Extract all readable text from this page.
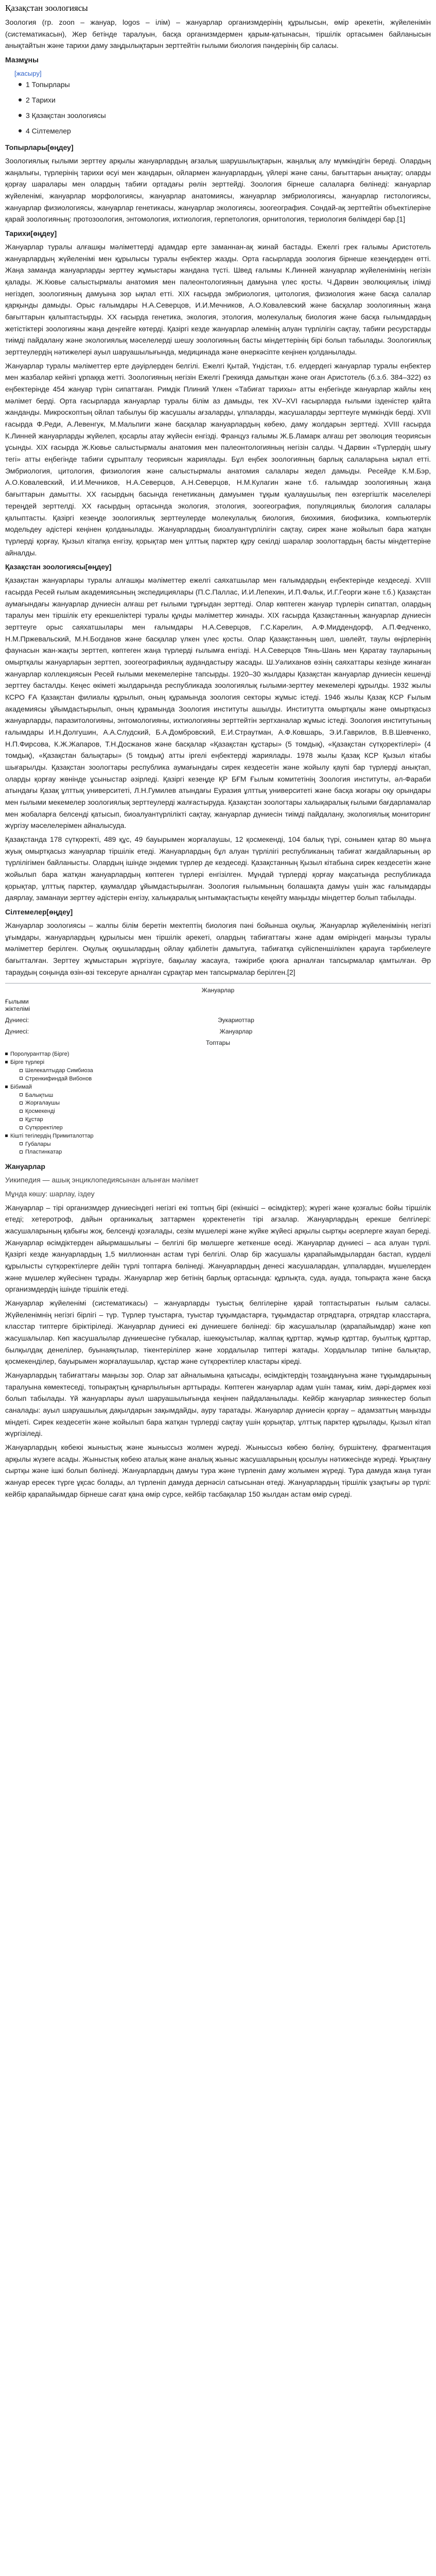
Қазақстан зоологиясы

Зоология (гр. zoon – жануар, logos – ілім) – жануарлар организмдерінің құрылысын, өмір әрекетін, жүйеленімін (систематикасын), Жер бетінде таралуын, басқа организмдермен қарым-қатынасын, тіршілік ортасымен байланысын анықтайтын және тарихи даму заңдылықтарын зерттейтін ғылыми биология пәндерінің бір саласы.

Мазмұны
[жасыру]
1 Топырлары
2 Тарихи
3 Қазақстан зоологиясы
4 Сілтемелер
Топырлары[өңдеу]

Зоологиялық ғылыми зерттеу арқылы жануарлардың ағзалық шарушылықтарын, жаңалық алу мүмкіндігін береді. Олардың жаңалығы, түрлерінің тарихи өсуі мен жандарын, ойлармен жануарлардың, үйлері және саны, бағыттарын анықтау; оларды қорғау шаралары мен олардың табиғи ортадағы рөлін зерттейді. Зоология бірнеше салаларға бөлінеді: жануарлар жүйеленімі, жануарлар морфологиясы, жануарлар анатомиясы, жануарлар эмбриологиясы, жануарлар гистологиясы, жануарлар физиологиясы, жануарлар генетикасы, жануарлар экологиясы, зоогеография. Сондай-ақ зерттейтін объектілеріне қарай зоологияның: протозоология, энтомология, ихтиология, герпетология, орнитология, териология бөлімдері бар.[1]

Тарихи[өңдеу]

Жануарлар туралы алғашқы мәліметтерді адамдар ерте заманнан-ақ жинай бастады. Ежелгі грек ғалымы Аристотель жануарлардың жүйеленімі мен құрылысы туралы еңбектер жазды. Орта ғасырларда зоология бірнеше кезеңдерден өтті. Жаңа заманда жануарларды зерттеу жұмыстары жандана түсті. Швед ғалымы К.Линней жануарлар жүйеленімінің негізін қалады. Ж.Кювье салыстырмалы анатомия мен палеонтологияның дамуына үлес қосты. Ч.Дарвин эволюциялық ілімді негіздеп, зоологияның дамуына зор ықпал етті. XIX ғасырда эмбриология, цитология, физиология және басқа салалар қарқынды дамыды. Орыс ғалымдары Н.А.Северцов, И.И.Мечников, А.О.Ковалевский және басқалар зоологияның жаңа бағыттарын қалыптастырды. XX ғасырда генетика, экология, этология, молекулалық биология және басқа ғылымдардың жетістіктері зоологияны жаңа деңгейге көтерді. Қазіргі кезде жануарлар әлемінің алуан түрлілігін сақтау, табиғи ресурстарды тиімді пайдалану және экологиялық мәселелерді шешу зоологияның басты міндеттерінің бірі болып табылады. Зоологиялық зерттеулердің нәтижелері ауыл шаруашылығында, медицинада және өнеркәсіпте кеңінен қолданылады.

Жануарлар туралы мәліметтер ерте дәуірлерден белгілі. Ежелгі Қытай, Үндістан, т.б. елдердегі жануарлар туралы еңбектер мен жазбалар кейінгі ұрпаққа жетті. Зоологияның негізін Ежелгі Грекияда дамытқан және оған Аристотель (б.з.б. 384–322) өз еңбектерінде 454 жануар түрін сипаттаған. Римдік Плиний Үлкен «Табиғат тарихы» атты еңбегінде жануарлар жайлы кең мәлімет берді. Орта ғасырларда жануарлар туралы білім аз дамыды, тек XV–XVI ғасырларда ғылыми ізденістер қайта жанданды. Микроскоптың ойлап табылуы бір жасушалы ағзаларды, ұлпаларды, жасушаларды зерттеуге мүмкіндік берді. XVII ғасырда Ф.Реди, А.Левенгук, М.Мальпиги және басқалар жануарлардың көбею, даму жолдарын зерттеді. XVIII ғасырда К.Линней жануарларды жүйелеп, қосарлы атау жүйесін енгізді. Француз ғалымы Ж.Б.Ламарк алғаш рет эволюция теориясын ұсынды. XIX ғасырда Ж.Кювье салыстырмалы анатомия мен палеонтологияның негізін салды. Ч.Дарвин «Түрлердің шығу тегі» атты еңбегінде табиғи сұрыпталу теориясын жариялады. Бұл еңбек зоологияның барлық салаларына ықпал етті. Эмбриология, цитология, физиология және салыстырмалы анатомия салалары жедел дамыды. Ресейде К.М.Бэр, А.О.Ковалевский, И.И.Мечников, Н.А.Северцов, А.Н.Северцов, Н.М.Кулагин және т.б. ғалымдар зоологияның жаңа бағыттарын дамытты. XX ғасырдың басында генетиканың дамуымен тұқым қуалаушылық пен өзгергіштік мәселелері тереңдей зерттелді. XX ғасырдың ортасында экология, этология, зоогеография, популяциялық биология салалары қалыптасты. Қазіргі кезеңде зоологиялық зерттеулерде молекулалық биология, биохимия, биофизика, компьютерлік модельдеу әдістері кеңінен қолданылады. Жануарлардың биоалуантүрлілігін сақтау, сирек және жойылып бара жатқан түрлерді қорғау, Қызыл кітапқа енгізу, қорықтар мен ұлттық парктер құру секілді шаралар зоологтардың басты міндеттеріне айналды.

Қазақстан зоологиясы[өңдеу]

Қазақстан жануарлары туралы алғашқы мәліметтер ежелгі саяхатшылар мен ғалымдардың еңбектерінде кездеседі. XVIII ғасырда Ресей ғылым академиясының экспедициялары (П.С.Паллас, И.И.Лепехин, И.П.Фальк, И.Г.Георги және т.б.) Қазақстан аумағындағы жануарлар дүниесін алғаш рет ғылыми тұрғыдан зерттеді. Олар көптеген жануар түрлерін сипаттап, олардың таралуы мен тіршілік ету ерекшеліктері туралы құнды мәліметтер жинады. XIX ғасырда Қазақстанның жануарлар дүниесін зерттеуге орыс саяхатшылары мен ғалымдары Н.А.Северцов, Г.С.Карелин, А.Ф.Миддендорф, А.П.Федченко, Н.М.Пржевальский, М.Н.Богданов және басқалар үлкен үлес қосты. Олар Қазақстанның шөл, шөлейт, таулы өңірлерінің фаунасын жан-жақты зерттеп, көптеген жаңа түрлерді ғылымға енгізді. Н.А.Северцов Тянь-Шань мен Қаратау тауларының омыртқалы жануарларын зерттеп, зоогеографиялық аудандастыру жасады. Ш.Уәлиханов өзінің саяхаттары кезінде жинаған жануарлар коллекциясын Ресей ғылыми мекемелеріне тапсырды. 1920–30 жылдары Қазақстан жануарлар дүниесін кешенді зерттеу басталды. Кеңес өкіметі жылдарында республикада зоологиялық ғылыми-зерттеу мекемелері құрылды. 1932 жылы КСРО ҒА Қазақстан филиалы құрылып, оның құрамында зоология секторы жұмыс істеді. 1946 жылы Қазақ КСР Ғылым академиясы ұйымдастырылып, оның құрамында Зоология институты ашылды. Институтта омыртқалы және омыртқасыз жануарларды, паразитологияны, энтомологияны, ихтиологияны зерттейтін зертханалар жұмыс істеді. Зоология институтының ғалымдары И.Н.Долгушин, А.А.Слудский, Б.А.Домбровский, Е.И.Страутман, А.Ф.Ковшарь, Э.И.Гаврилов, В.В.Шевченко, Н.П.Фирсова, К.Ж.Жапаров, Т.Н.Досжанов және басқалар «Қазақстан құстары» (5 томдық), «Қазақстан сүтқоректілері» (4 томдық), «Қазақстан балықтары» (5 томдық) атты іргелі еңбектерді жариялады. 1978 жылы Қазақ КСР Қызыл кітабы шығарылды. Қазақстан зоологтары республика аумағындағы сирек кездесетін және жойылу қаупі бар түрлерді анықтап, оларды қорғау жөнінде ұсыныстар әзірледі. Қазіргі кезеңде ҚР БҒМ Ғылым комитетінің Зоология институты, әл-Фараби атындағы Қазақ ұлттық университеті, Л.Н.Гумилев атындағы Еуразия ұлттық университеті және басқа жоғары оқу орындары мен ғылыми мекемелер зоологиялық зерттеулерді жалғастыруда. Қазақстан зоологтары халықаралық ғылыми бағдарламалар мен жобаларға белсенді қатысып, биоалуантүрлілікті сақтау, жануарлар дүниесін тиімді пайдалану, экологиялық мониторинг жүргізу мәселелерімен айналысуда.

Қазақстанда 178 сүтқоректі, 489 құс, 49 бауырымен жорғалаушы, 12 қосмекенді, 104 балық түрі, сонымен қатар 80 мыңға жуық омыртқасыз жануарлар тіршілік етеді. Жануарлардың бұл алуан түрлілігі республиканың табиғат жағдайларының әр түрлілігімен байланысты. Олардың ішінде эндемик түрлер де кездеседі. Қазақстанның Қызыл кітабына сирек кездесетін және жойылып бара жатқан жануарлардың көптеген түрлері енгізілген. Мұндай түрлерді қорғау мақсатында республикада қорықтар, ұлттық парктер, қаумалдар ұйымдастырылған. Зоология ғылымының болашақта дамуы үшін жас ғалымдарды даярлау, заманауи зерттеу әдістерін енгізу, халықаралық ынтымақтастықты кеңейту маңызды міндеттер болып табылады.

Сілтемелер[өңдеу]

Жануарлар зоологиясы – жалпы білім беретін мектептің биология пәні бойынша оқулық. Жануарлар жүйеленімінің негізгі ұғымдары, жануарлардың құрылысы мен тіршілік әрекеті, олардың табиғаттағы және адам өміріндегі маңызы туралы мәліметтер берілген. Оқулық оқушылардың ойлау қабілетін дамытуға, табиғатқа сүйіспеншілікпен қарауға тәрбиелеуге бағытталған. Зерттеу жұмыстарын жүргізуге, бақылау жасауға, тәжірибе қоюға арналған тапсырмалар қамтылған. Әр тараудың соңында өзін-өзі тексеруге арналған сұрақтар мен тапсырмалар берілген.[2]

Жануарлар
Ғылыми жіктелімі
Дүниесі:	Эукариоттар
Дүниесі:	Жануарлар
Топтары
Поролуранттар (Бірге)
Бірге түрлері
Шелекалтыдар Симбиоза
Стренкифиндай Вибонов
Бібимай
Балықтыш
Жорғалаушы
Қосмекенді
Құстар
Сүтқоректілер
Кішті тегілердің Примиталоттар
Губалары
Пластинкатар
Жануарлар

Уикипедия — ашық энциклопедиясынан алынған мәлімет

Мұнда көшу: шарлау, іздеу

Жануарлар – тірі организмдер дүниесіндегі негізгі екі топтың бірі (екіншісі – өсімдіктер); жүрегі және қозғалыс бойы тіршілік етеді; хетеротроф, дайын органикалық заттармен қоректенетін тірі ағзалар. Жануарлардың ерекше белгілері: жасушаларының қабығы жоқ, белсенді қозғалады, сезім мүшелері және жүйке жүйесі арқылы сыртқы әсерлерге жауап береді. Жануарлар өсімдіктерден айырмашылығы – белгілі бір мөлшерге жеткенше өседі. Жануарлар дүниесі – аса алуан түрлі. Қазіргі кезде жануарлардың 1,5 миллионнан астам түрі белгілі. Олар бір жасушалы қарапайымдылардан бастап, күрделі құрылысты сүтқоректілерге дейін түрлі топтарға бөлінеді. Жануарлардың денесі жасушалардан, ұлпалардан, мүшелерден және мүшелер жүйесінен тұрады. Жануарлар жер бетінің барлық ортасында: құрлықта, суда, ауада, топырақта және басқа организмдердің ішінде тіршілік етеді.

Жануарлар жүйеленімі (систематикасы) – жануарларды туыстық белгілеріне қарай топтастыратын ғылым саласы. Жүйеленімнің негізгі бірлігі – түр. Түрлер туыстарға, туыстар тұқымдастарға, тұқымдастар отрядтарға, отрядтар класстарға, класстар типтерге біріктіріледі. Жануарлар дүниесі екі дүниешеге бөлінеді: бір жасушалылар (қарапайымдар) және көп жасушалылар. Көп жасушалылар дүниешесіне губкалар, ішекқуыстылар, жалпақ құрттар, жұмыр құрттар, буылтық құрттар, былқылдақ денелілер, буынаяқтылар, тікентерілілер және хордалылар типтері жатады. Хордалылар типіне балықтар, қосмекенділер, бауырымен жорғалаушылар, құстар және сүтқоректілер кластары кіреді.

Жануарлардың табиғаттағы маңызы зор. Олар зат айналымына қатысады, өсімдіктердің тозаңдануына және тұқымдарының таралуына көмектеседі, топырақтың құнарлылығын арттырады. Көптеген жануарлар адам үшін тамақ, киім, дәрі-дәрмек көзі болып табылады. Үй жануарлары ауыл шаруашылығында кеңінен пайдаланылады. Кейбір жануарлар зиянкестер болып саналады: ауыл шаруашылық дақылдарын зақымдайды, ауру таратады. Жануарлар дүниесін қорғау – адамзаттың маңызды міндеті. Сирек кездесетін және жойылып бара жатқан түрлерді сақтау үшін қорықтар, ұлттық парктер құрылады, Қызыл кітап жүргізіледі.

Жануарлардың көбеюі жыныстық және жыныссыз жолмен жүреді. Жыныссыз көбею бөліну, бүршіктену, фрагментация арқылы жүзеге асады. Жыныстық көбею аталық және аналық жыныс жасушаларының қосылуы нәтижесінде жүреді. Ұрықтану сыртқы және ішкі болып бөлінеді. Жануарлардың дамуы тура және түрленіп даму жолымен жүреді. Тура дамуда жаңа туған жануар ересек түрге ұқсас болады, ал түрленіп дамуда дернәсіл сатысынан өтеді. Жануарлардың тіршілік ұзақтығы әр түрлі: кейбір қарапайымдар бірнеше сағат қана өмір сүрсе, кейбір тасбақалар 150 жылдан астам өмір сүреді.
